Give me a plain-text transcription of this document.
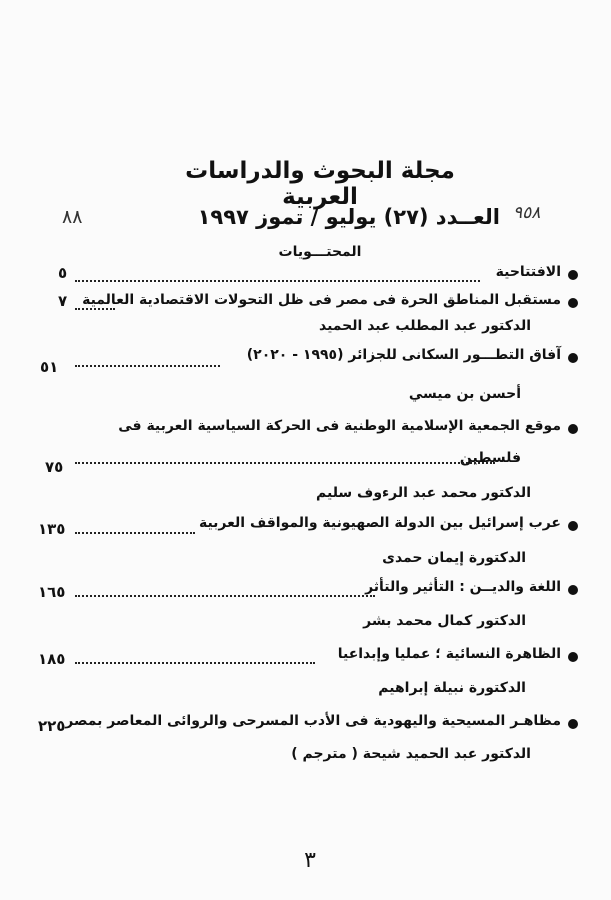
مجلة البحوث والدراسات العربية
٩٥٨
العــدد (٢٧) يوليو / تموز ١٩٩٧
٨٨
المحتـــويات
الافتتاحية
٥
مستقبل المناطق الحرة فى مصر فى ظل التحولات الاقتصادية العالمية
٧
الدكتور عبد المطلب عبد الحميد
آفاق التطـــور السكانى للجزائر (١٩٩٥ - ٢٠٢٠)
٥١
أحسن بن ميسي
موقع الجمعية الإسلامية الوطنية فى الحركة السياسية العربية فى
فلسطين
٧٥
الدكتور محمد عبد الرءوف سليم
عرب إسرائيل بين الدولة الصهيونية والمواقف العربية
١٣٥
الدكتورة إيمان حمدى
اللغة والديــن : التأثير والتأثر
١٦٥
الدكتور كمال محمد بشر
الظاهرة النسائية ؛ عمليا وإبداعيا
١٨٥
الدكتورة نبيلة إبراهيم
مظاهـر المسيحية واليهودية فى الأدب المسرحى والروائى المعاصر بمصر
٢٢٥
الدكتور عبد الحميد شيحة ( مترجم )
٣
